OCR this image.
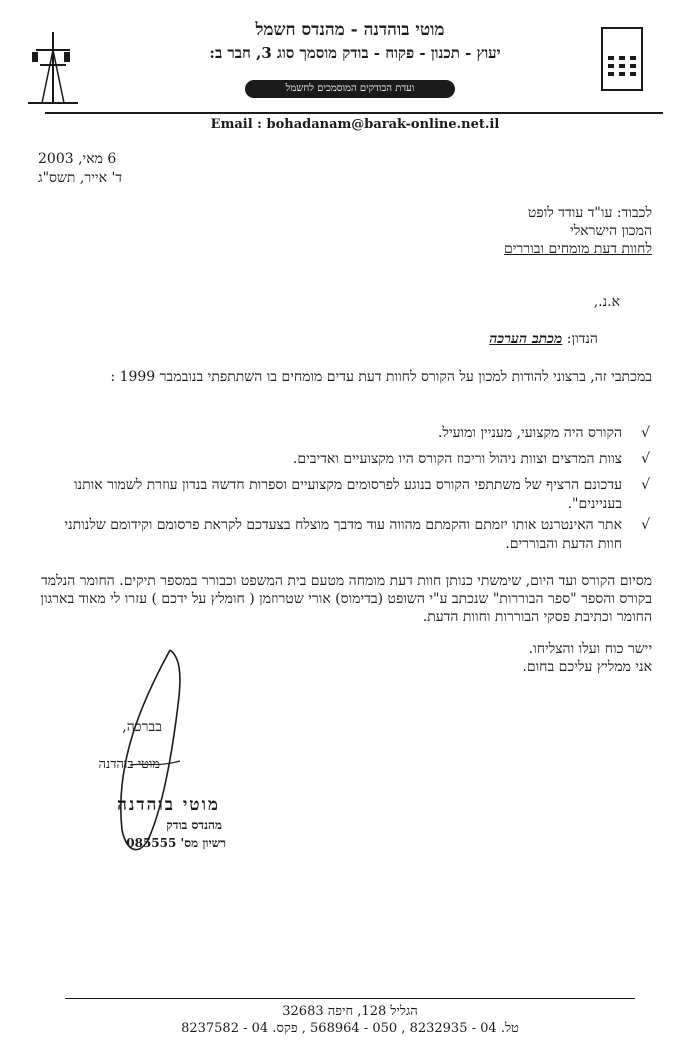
מוטי בוהדנה - מהנדס חשמל
יעוץ - תכנון - פקוח - בודק מוסמך סוג 3, חבר ב:
ועדת הבודקים המוסמכים לחשמל
Email : bohadanam@barak-online.net.il
6 מאי, 2003
ד' אייר, תשס"ג
לכבוד: עו"ד עודד לופט
המכון הישראלי
לחוות דעת מומחים ובוררים
א.נ.,
הנדון: מכתב הערכה
במכתבי זה, ברצוני להודות למכון על הקורס לחוות דעת עדים מומחים בו השתתפתי בנובמבר 1999 :
√
הקורס היה מקצועי, מעניין ומועיל.
√
צוות המרצים וצוות ניהול וריכוז הקורס היו מקצועיים ואדיבים.
√
עדכונם הרציף של משתתפי הקורס בנוגע לפרסומים מקצועיים וספרות חדשה בנדון עוזרת לשמור אותנו בעניינים".
√
אתר האינטרנט אותו יזמתם והקמתם מהווה עוד מדבך מוצלח בצעדכם לקראת פרסומם וקידומם שלנותני חוות הדעת והבוררים.
מסיום הקורס ועד היום, שימשתי כנותן חוות דעת מומחה מטעם בית המשפט וכבורר במספר תיקים. החומר הנלמד בקורס והספר "ספר הבוררות" שנכתב ע"י השופט (בדימוס) אורי שטרוזמן ( חומלץ על ידכם ) עזרו לי מאוד בארגון החומר וכתיבת פסקי הבוררות וחוות הדעת.
יישר כוח ועלו והצליחו.
אני ממליץ עליכם בחום.
בברכה,
מוטי בוהדנה
מוטי בוהדנה
מהנדס בודק
רשיון מס' 085555
הגליל 128, חיפה 32683
טל. 04 - 8232935 , 050 - 568964 , פקס. 04 - 8237582
